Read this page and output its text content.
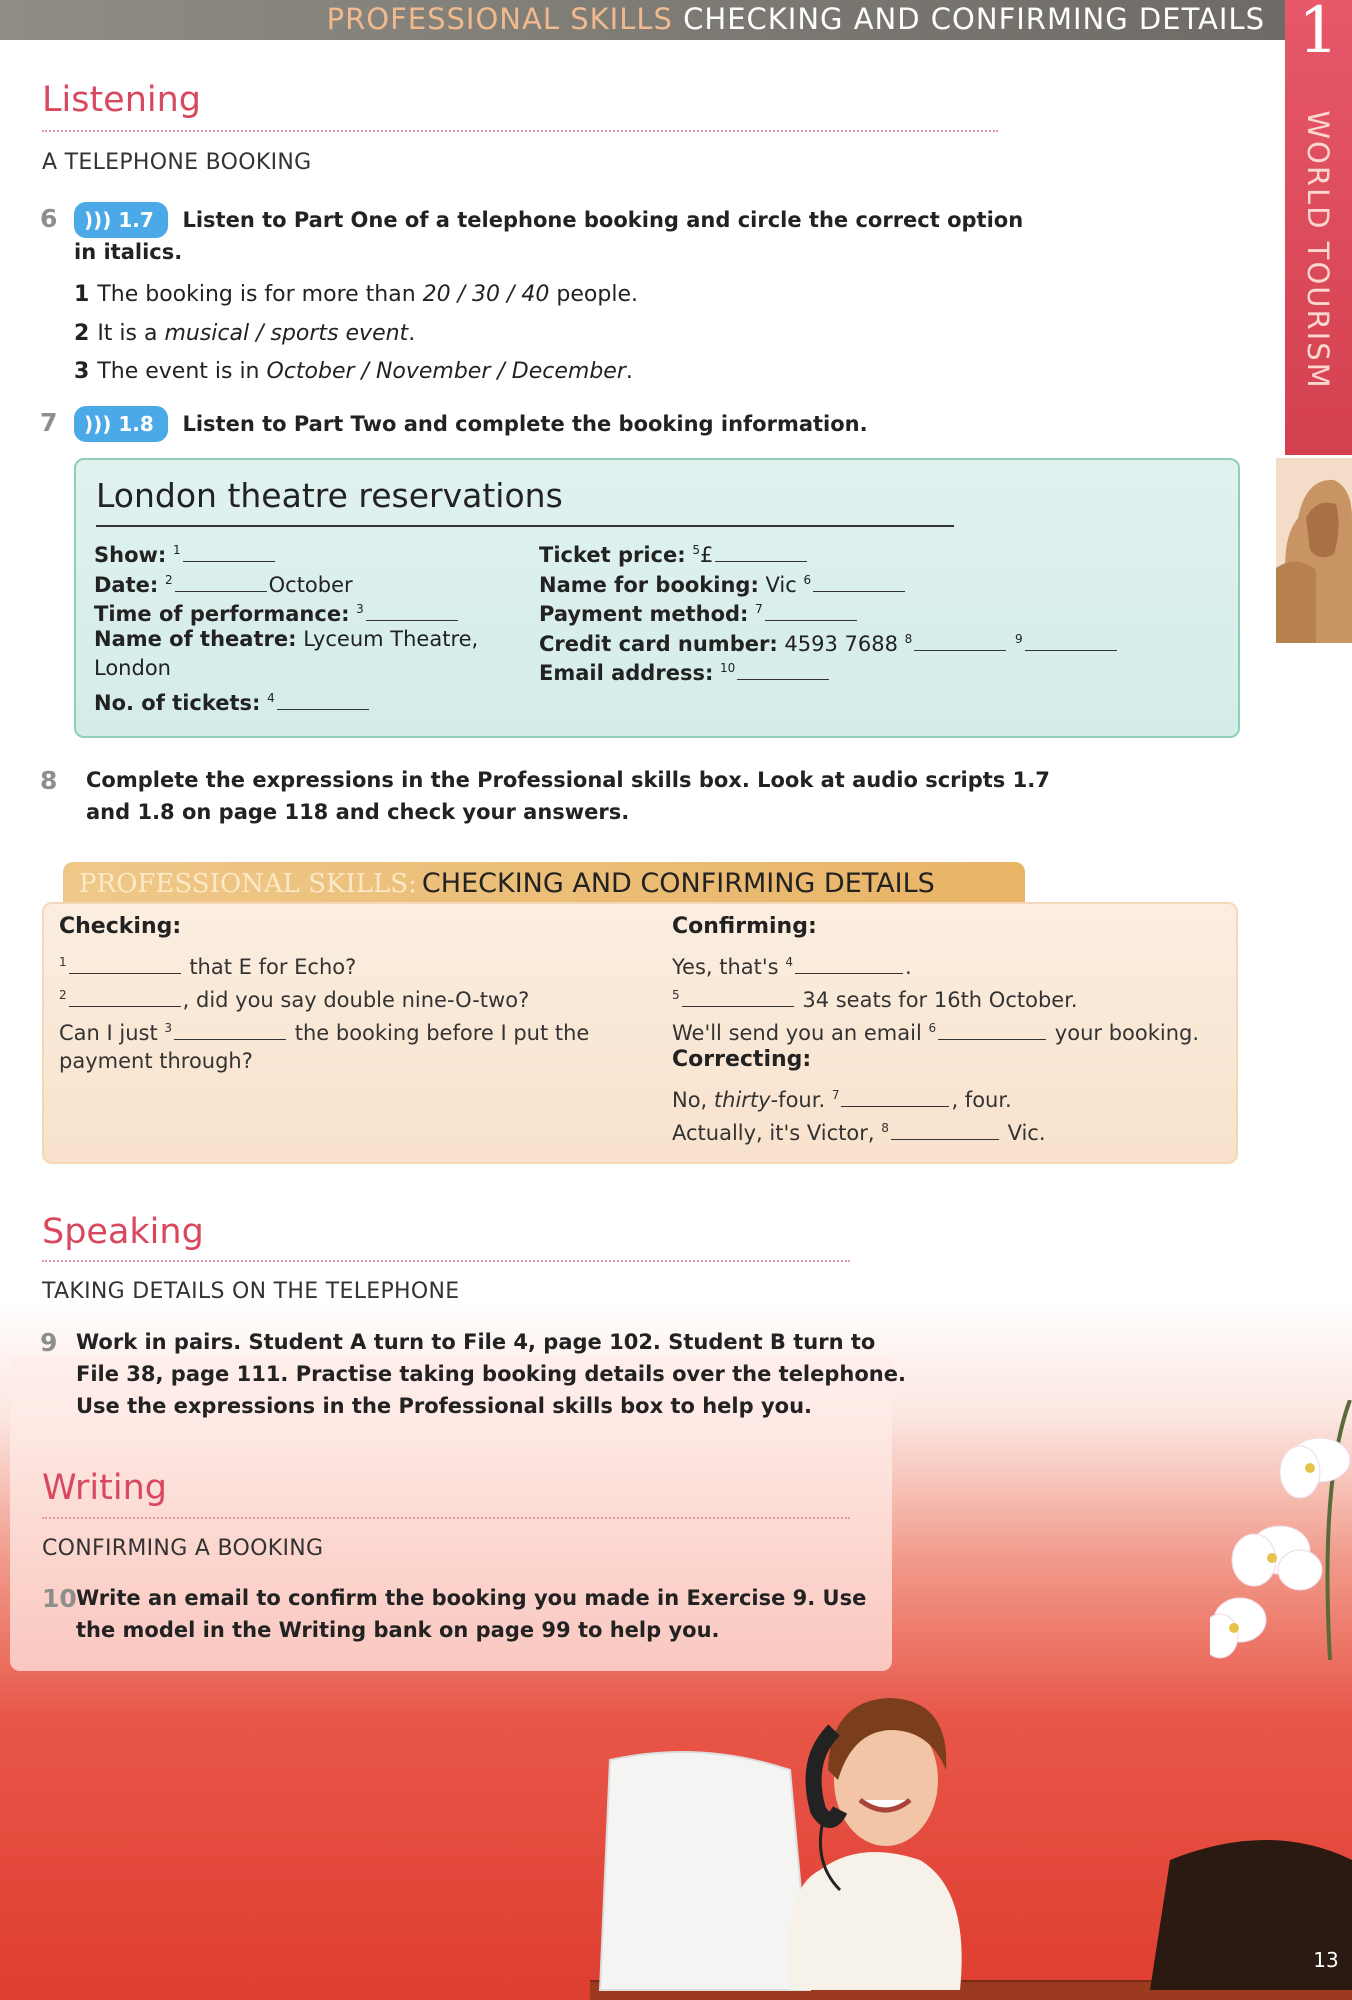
PROFESSIONAL SKILLS CHECKING AND CONFIRMING DETAILS 1
WORLD TOURISM
Listening
A TELEPHONE BOOKING
6	))) 1.7 Listen to Part One of a telephone booking and circle the correct option
in italics.
1 The booking is for more than 20 / 30 / 40 people.
2 It is a musical / sports event.
3 The event is in October / November / December.
7	))) 1.8 Listen to Part Two and complete the booking information.
London theatre reservations
Show: $^1$
Date: $^2$	October
Time of performance: $^3$
Name of theatre: Lyceum Theatre,
London
No. of tickets: $^4$
Ticket price: $^5$£
Name for booking: Vic $^6$
Payment method: $^7$
Credit card number: 4593 7688 $^8$	$^9$
Email address: $^{10}$
8 Complete the expressions in the Professional skills box. Look at audio scripts 1.7
and 1.8 on page 118 and check your answers.
PROFESSIONAL SKILLS: CHECKING AND CONFIRMING DETAILS
Checking:
$^1$	that E for Echo?
$^2$	, did you say double nine-O-two?
Can I just $^3$	the booking before I put the
payment through?
Confirming:
Yes, that's $^4$	.
$^5$	34 seats for 16th October.
We'll send you an email $^6$	your booking.
Correcting:
No, thirty-four. $^7$	, four.
Actually, it's Victor, $^8$	Vic.
Speaking
TAKING DETAILS ON THE TELEPHONE
9 Work in pairs. Student A turn to File 4, page 102. Student B turn to
File 38, page 111. Practise taking booking details over the telephone.
Use the expressions in the Professional skills box to help you.
Writing
CONFIRMING A BOOKING
10 Write an email to confirm the booking you made in Exercise 9. Use
the model in the Writing bank on page 99 to help you.
13
